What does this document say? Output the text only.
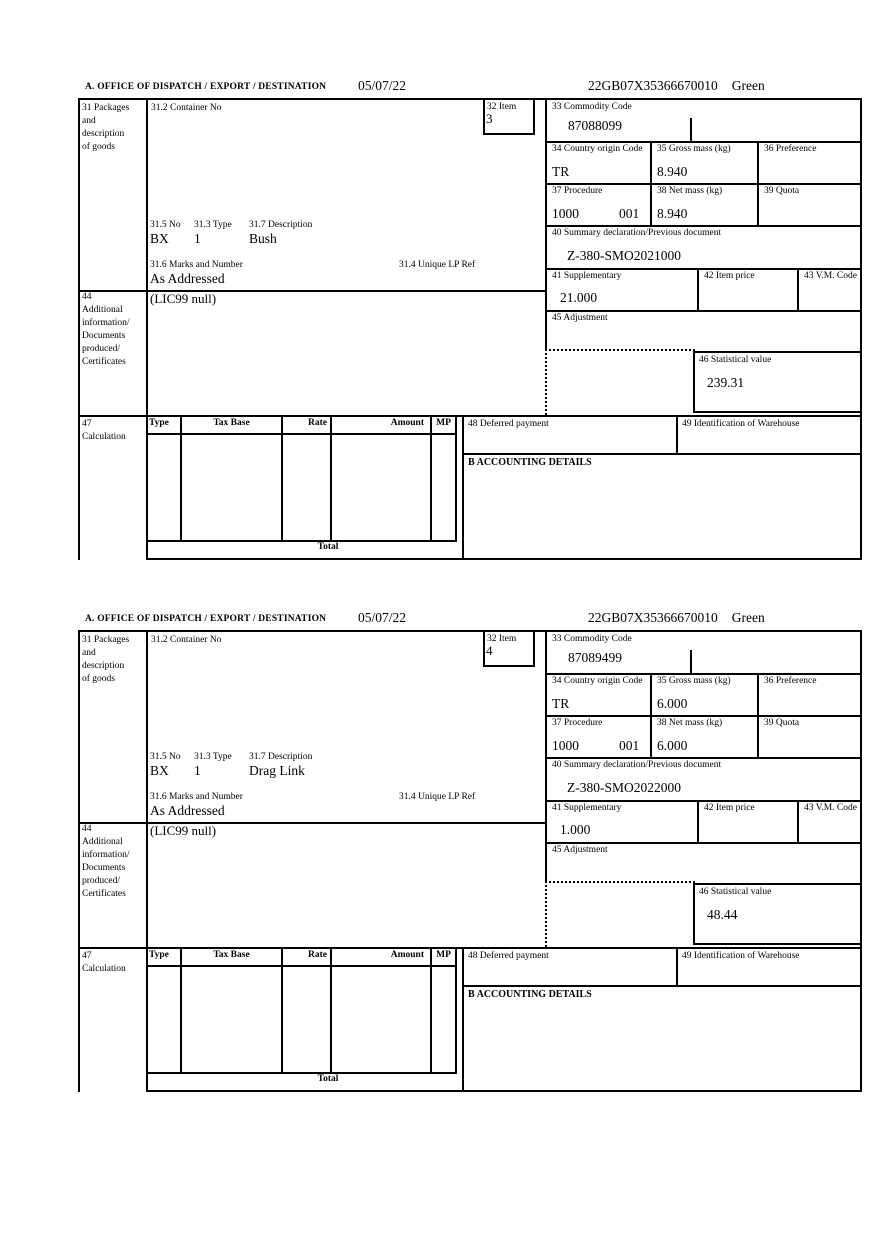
A. OFFICE OF DISPATCH / EXPORT / DESTINATION 05/07/22	22GB07X35366670010 Green
31 Packages
and
description
of goods
31.2 Container No	32 Item
3
31.5 No 31.3 Type 31.7 Description
BX 1	Bush
31.6 Marks and Number	31.4 Unique LP Ref
As Addressed
33 Commodity Code
87088099
34 Country origin Code
TR
35 Gross mass (kg)
8.940
36 Preference
37 Procedure
1000	001
38 Net mass (kg)
8.940
39 Quota
40 Summary declaration/Previous document
Z-380-SMO2021000
41 Supplementary
21.000
42 Item price	43 V.M. Code
45 Adjustment
46 Statistical value
239.31
44
Additional
information/
Documents
produced/
Certificates
(LIC99 null)
47
Calculation
Type	Tax Base	Rate	Amount	MP
Total
48 Deferred payment	49 Identification of Warehouse
B ACCOUNTING DETAILS
A. OFFICE OF DISPATCH / EXPORT / DESTINATION 05/07/22	22GB07X35366670010 Green
31 Packages
and
description
of goods
31.2 Container No	32 Item
4
31.5 No 31.3 Type 31.7 Description
BX 1	Drag Link
31.6 Marks and Number	31.4 Unique LP Ref
As Addressed
33 Commodity Code
87089499
34 Country origin Code
TR
35 Gross mass (kg)
6.000
36 Preference
37 Procedure
1000	001
38 Net mass (kg)
6.000
39 Quota
40 Summary declaration/Previous document
Z-380-SMO2022000
41 Supplementary
1.000
42 Item price	43 V.M. Code
45 Adjustment
46 Statistical value
48.44
44
Additional
information/
Documents
produced/
Certificates
(LIC99 null)
47
Calculation
Type	Tax Base	Rate	Amount	MP
Total
48 Deferred payment	49 Identification of Warehouse
B ACCOUNTING DETAILS
